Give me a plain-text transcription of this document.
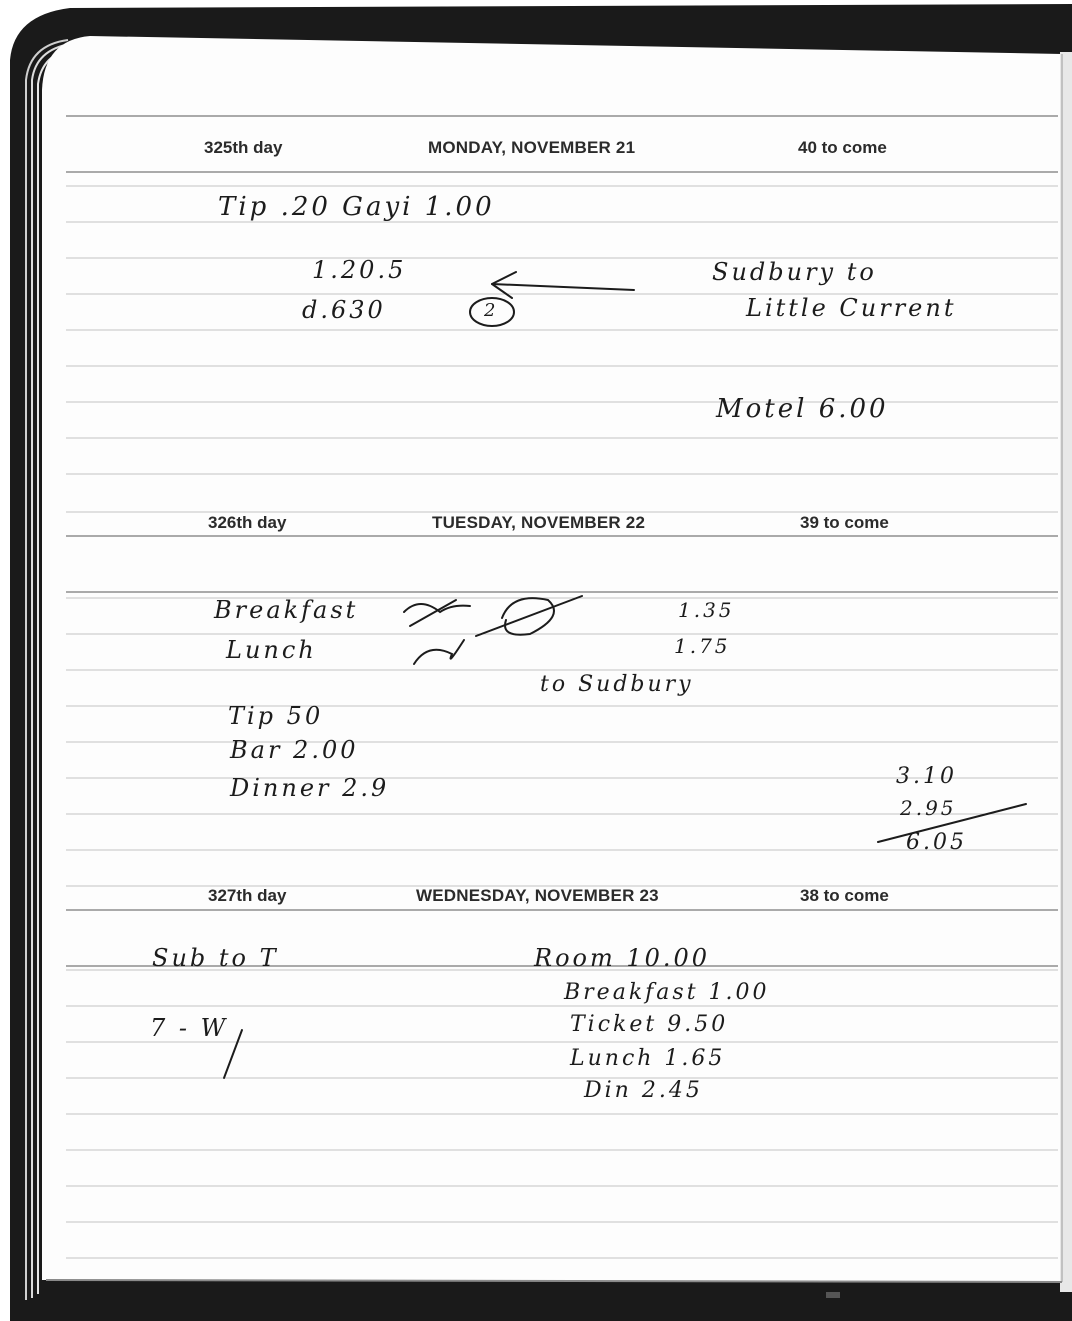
325th day	MONDAY, NOVEMBER 21	40 to come
326th day	TUESDAY, NOVEMBER 22	39 to come
327th day	WEDNESDAY, NOVEMBER 23	38 to come
Tip .20 Gayi 1.00
1.20.5
d.630	2
Sudbury to
Little Current
Motel 6.00
Breakfast
Lunch
1.35
1.75
to Sudbury
Tip 50
Bar 2.00
Dinner 2.9	3.10
2.95
6.05
Sub to T
7 - W
Room 10.00
Breakfast 1.00
Ticket 9.50
Lunch 1.65
Din 2.45
